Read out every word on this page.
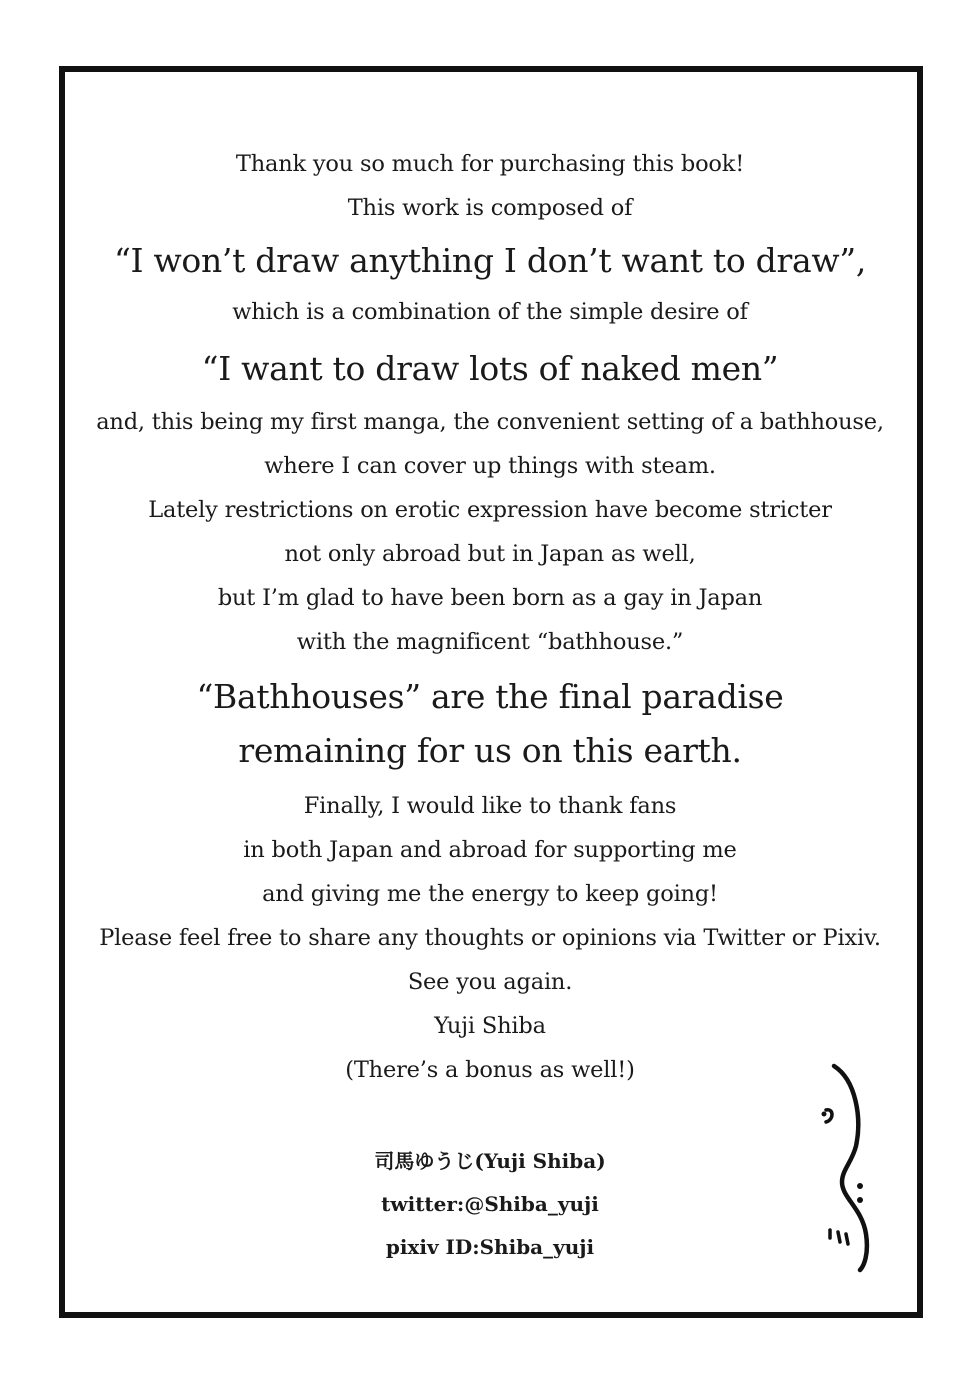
Thank you so much for purchasing this book!
This work is composed of
“I won’t draw anything I don’t want to draw”,
which is a combination of the simple desire of
“I want to draw lots of naked men”
and, this being my first manga, the convenient setting of a bathhouse,
where I can cover up things with steam.
Lately restrictions on erotic expression have become stricter
not only abroad but in Japan as well,
but I’m glad to have been born as a gay in Japan
with the magnificent “bathhouse.”
“Bathhouses” are the final paradise
remaining for us on this earth.
Finally, I would like to thank fans
in both Japan and abroad for supporting me
and giving me the energy to keep going!
Please feel free to share any thoughts or opinions via Twitter or Pixiv.
See you again.
Yuji Shiba
(There’s a bonus as well!)
司馬ゆうじ(Yuji Shiba)
twitter:@Shiba_yuji
pixiv ID:Shiba_yuji
